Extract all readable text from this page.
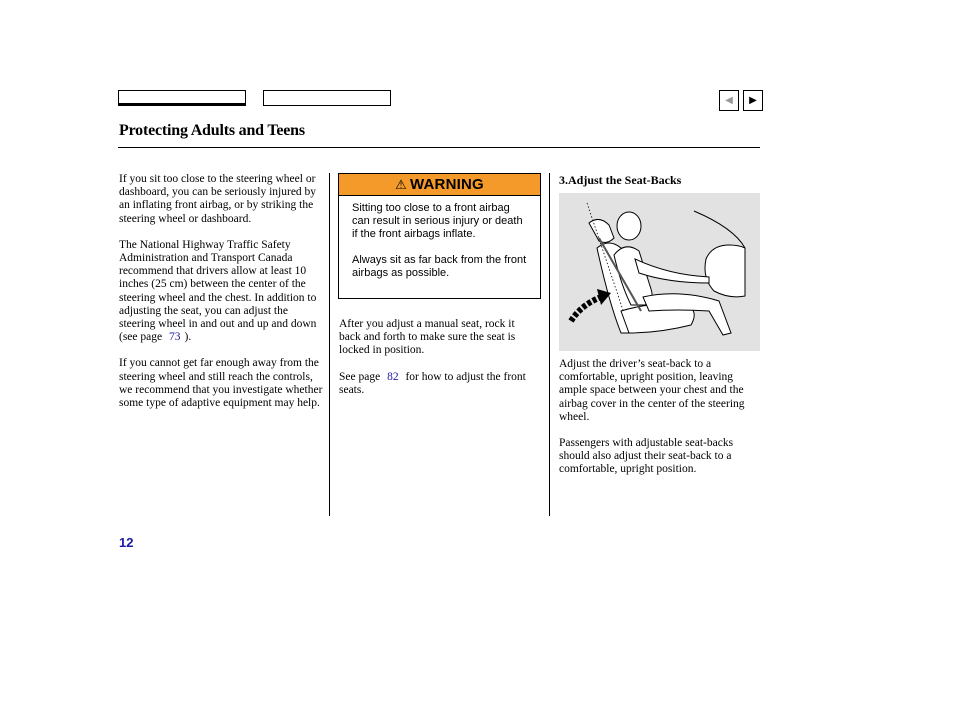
◀ ▶
Protecting Adults and Teens

If you sit too close to the steering wheel or dashboard, you can be seriously injured by an inflating front airbag, or by striking the steering wheel or dashboard.

The National Highway Traffic Safety Administration and Transport Canada recommend that drivers allow at least 10 inches (25 cm) between the center of the steering wheel and the chest. In addition to adjusting the seat, you can adjust the steering wheel in and out and up and down (see page 73 ).

If you cannot get far enough away from the steering wheel and still reach the controls, we recommend that you investigate whether some type of adaptive equipment may help.

⚠ WARNING

Sitting too close to a front airbag can result in serious injury or death if the front airbags inflate.

Always sit as far back from the front airbags as possible.

After you adjust a manual seat, rock it back and forth to make sure the seat is locked in position.

See page 82 for how to adjust the front seats.

3.Adjust the Seat-Backs

Adjust the driver’s seat-back to a comfortable, upright position, leaving ample space between your chest and the airbag cover in the center of the steering wheel.

Passengers with adjustable seat-backs should also adjust their seat-back to a comfortable, upright position.

12
